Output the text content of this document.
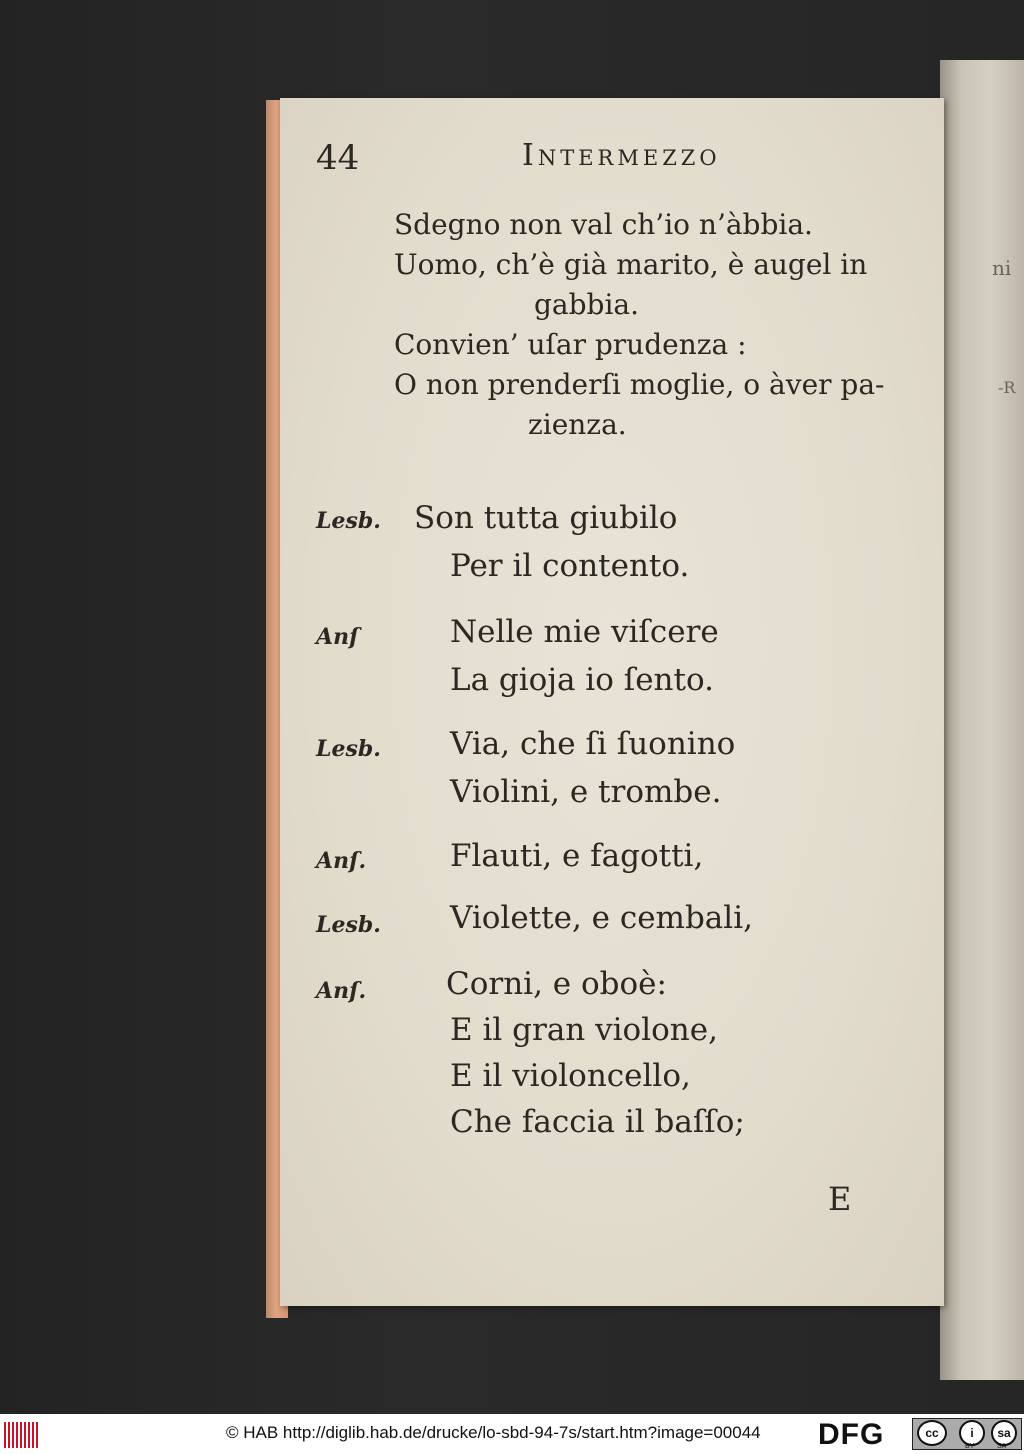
ni
-R
44	Intermezzo
Sdegno non val ch’io n’àbbia.
Uomo, ch’è già marito, è augel in
gabbia.
Convien’ uſar prudenza :
O non prenderſi moglie, o àver pa-
zienza.
Lesb. Son tutta giubilo
Per il contento.
Anſ	Nelle mie viſcere
La gioja io ſento.
Lesb. Via, che ſi ſuonino
Violini, e trombe.
Anſ.	Flauti, e fagotti,
Lesb. Violette, e cembali,
Anſ.	Corni, e oboè:
E il gran violone,
E il violoncello,
Che faccia il baſſo;
E
© HAB http://diglib.hab.de/drucke/lo-sbd-94-7s/start.htm?image=00044 DFG	cc	i
BY
sa
SA
